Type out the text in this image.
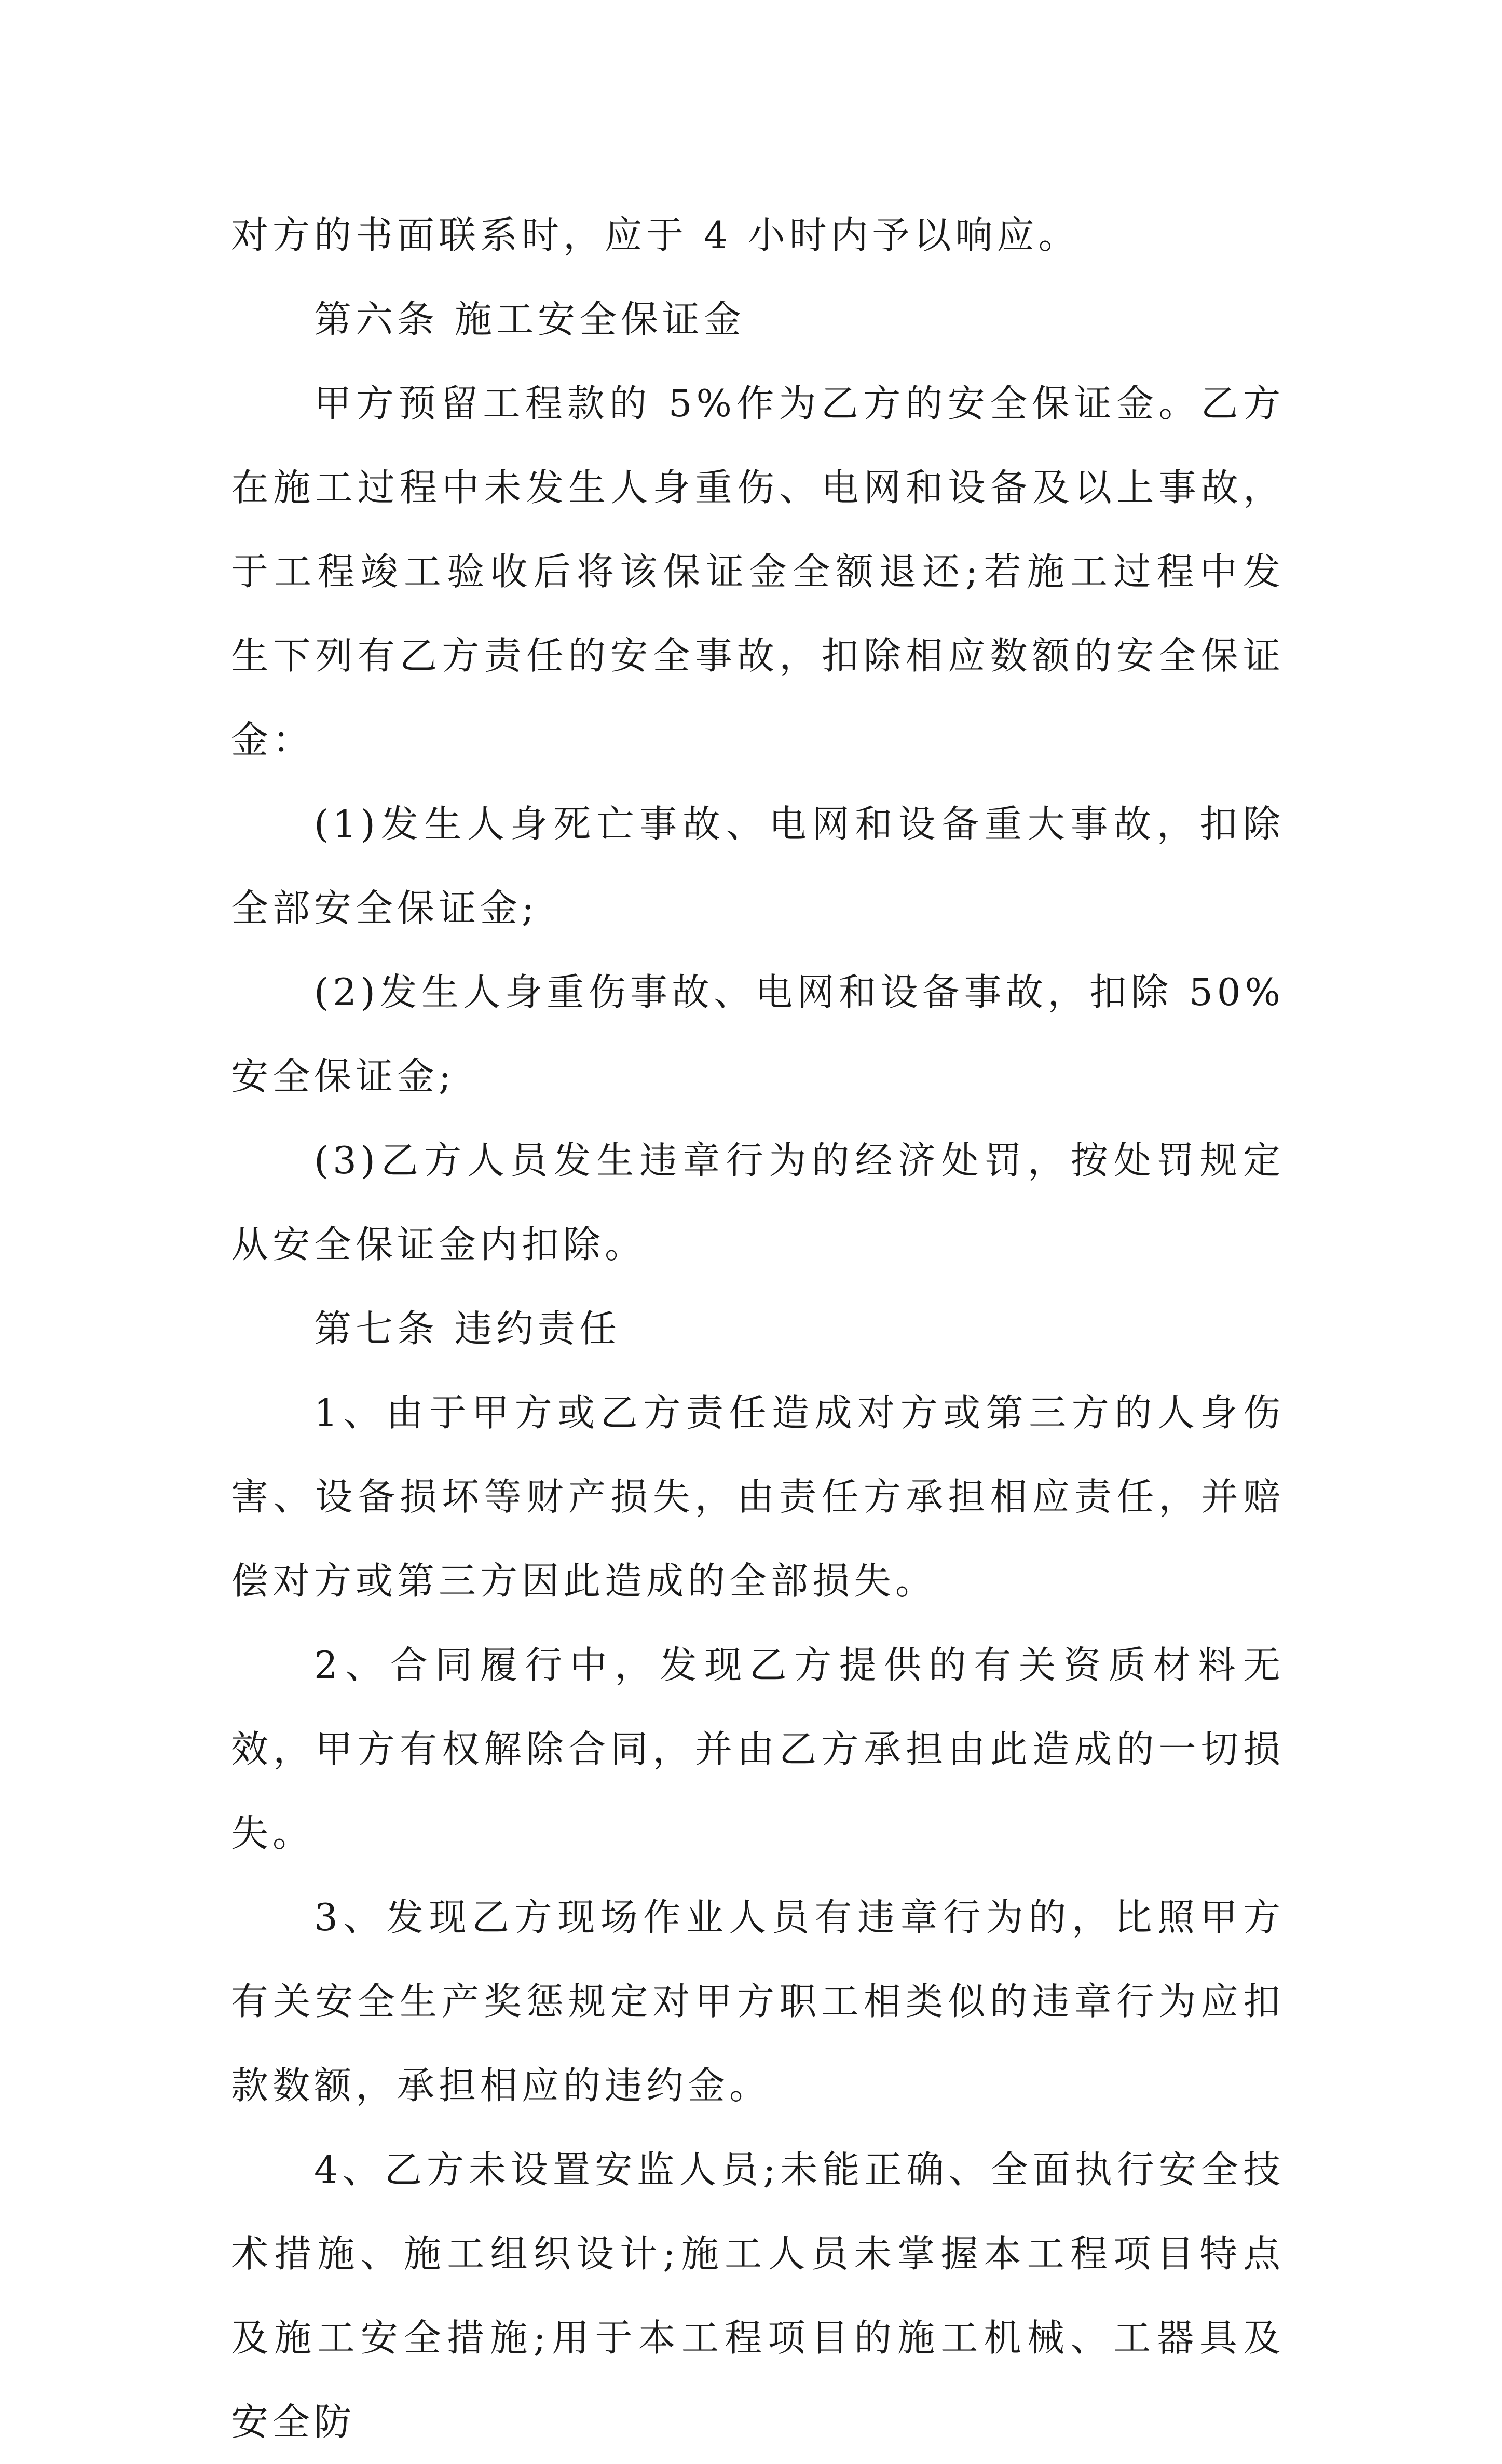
对方的书面联系时，应于 4 小时内予以响应。

第六条 施工安全保证金

甲方预留工程款的 5%作为乙方的安全保证金。乙方在施工过程中未发生人身重伤、电网和设备及以上事故，于工程竣工验收后将该保证金全额退还;若施工过程中发生下列有乙方责任的安全事故，扣除相应数额的安全保证金：

(1)发生人身死亡事故、电网和设备重大事故，扣除全部安全保证金;

(2)发生人身重伤事故、电网和设备事故，扣除 50%安全保证金;

(3)乙方人员发生违章行为的经济处罚，按处罚规定从安全保证金内扣除。

第七条 违约责任

1、由于甲方或乙方责任造成对方或第三方的人身伤害、设备损坏等财产损失，由责任方承担相应责任，并赔偿对方或第三方因此造成的全部损失。

2、合同履行中，发现乙方提供的有关资质材料无效，甲方有权解除合同，并由乙方承担由此造成的一切损失。

3、发现乙方现场作业人员有违章行为的，比照甲方有关安全生产奖惩规定对甲方职工相类似的违章行为应扣款数额，承担相应的违约金。

4、乙方未设置安监人员;未能正确、全面执行安全技术措施、施工组织设计;施工人员未掌握本工程项目特点及施工安全措施;用于本工程项目的施工机械、工器具及安全防
